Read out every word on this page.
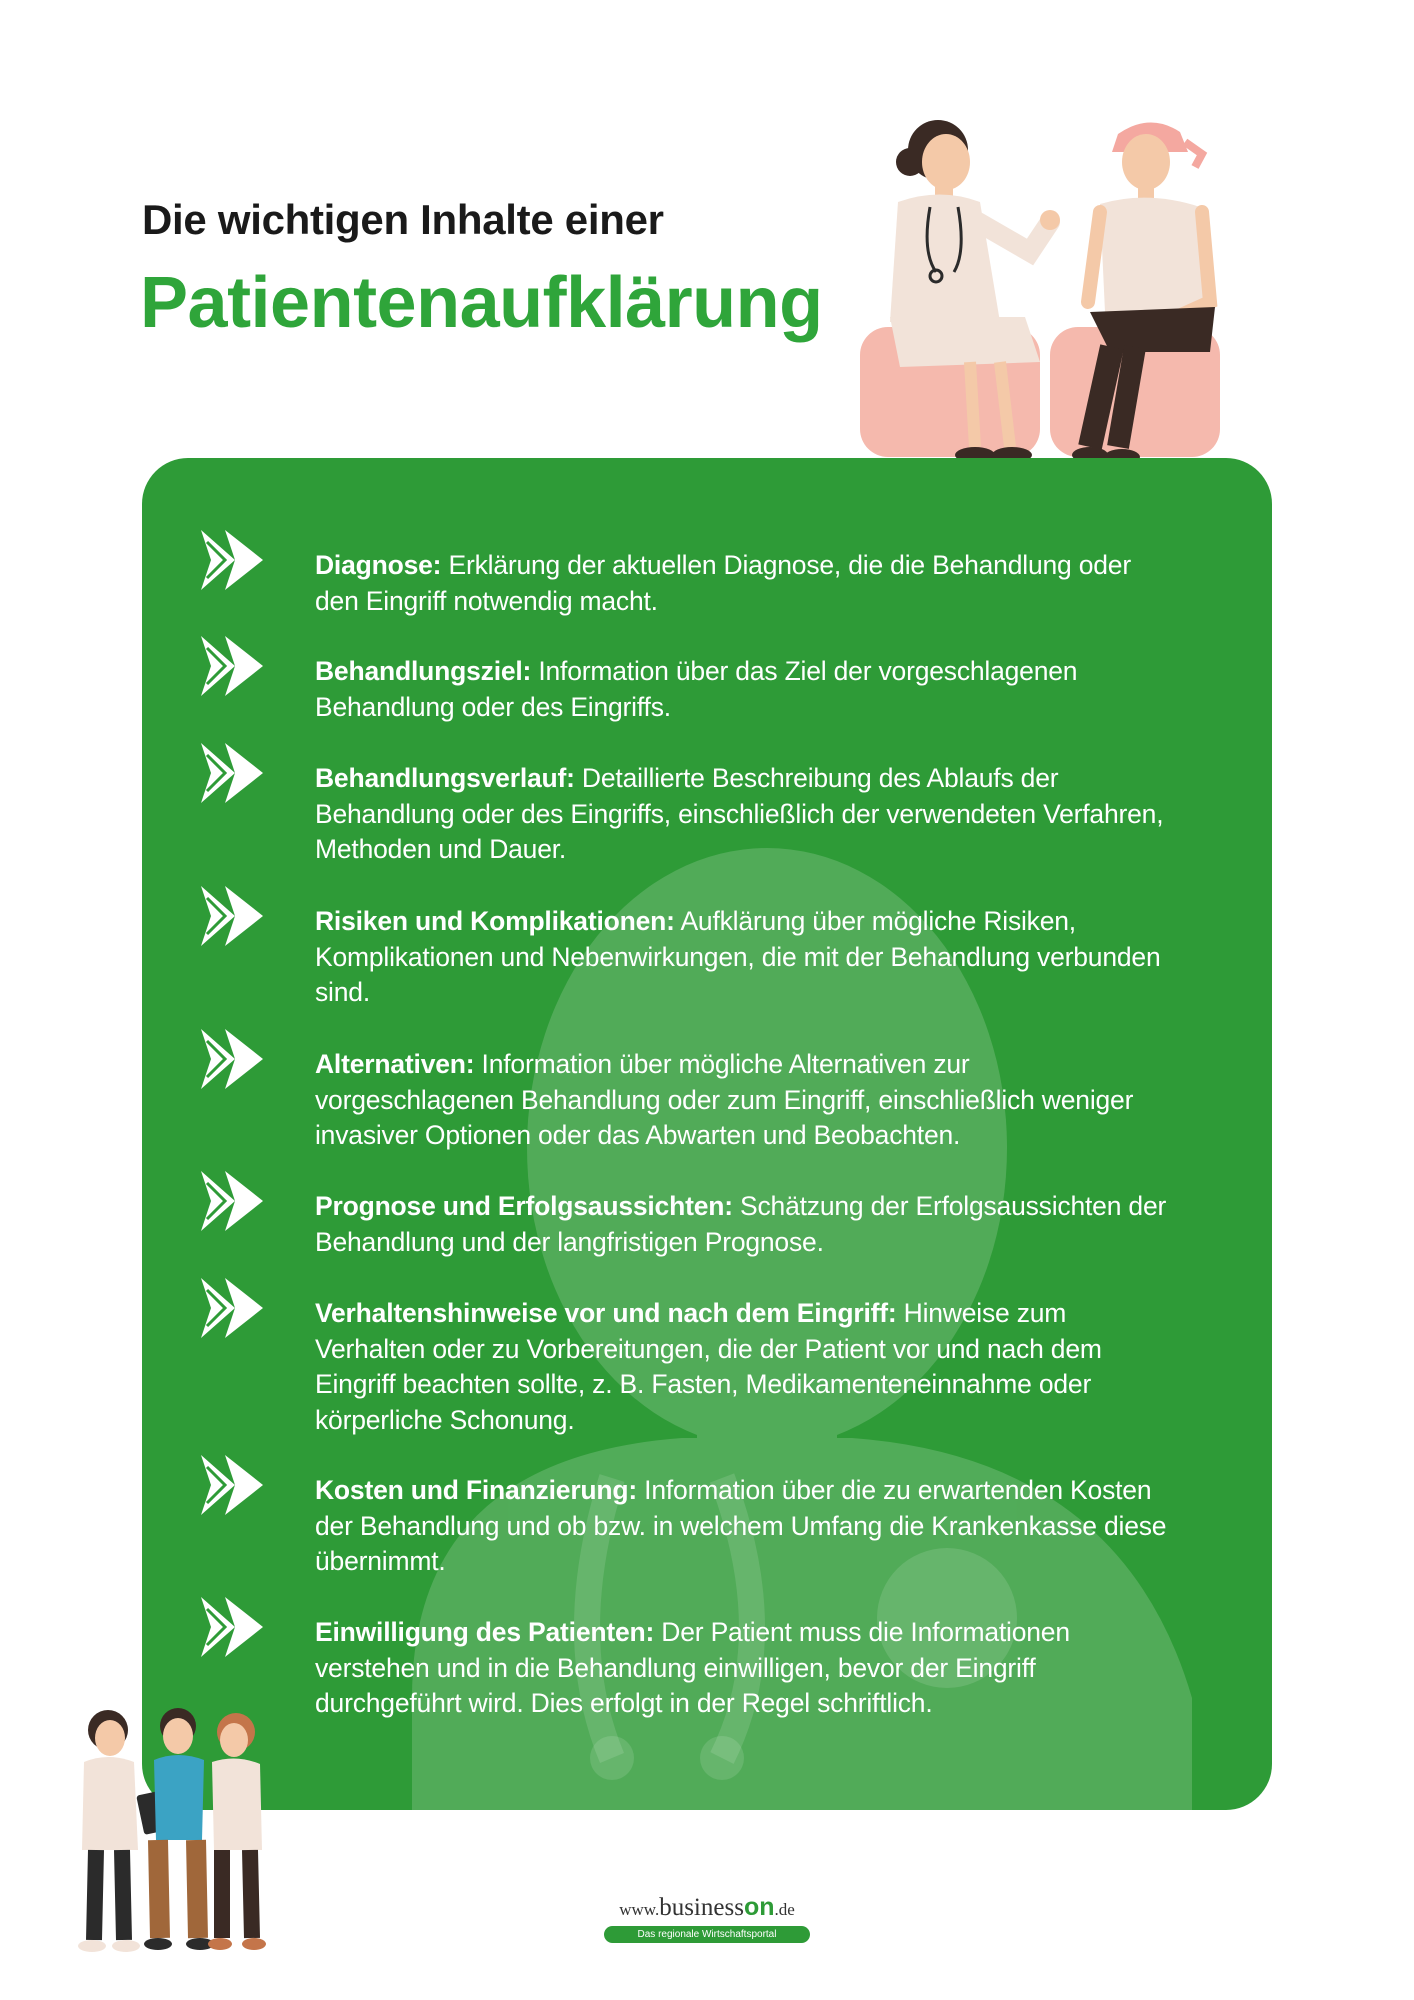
Die wichtigen Inhalte einer
Patientenaufklärung
Diagnose: Erklärung der aktuellen Diagnose, die die Behandlung oder den Eingriff notwendig macht.
Behandlungsziel: Information über das Ziel der vorgeschlagenen Behandlung oder des Eingriffs.
Behandlungsverlauf: Detaillierte Beschreibung des Ablaufs der Behandlung oder des Eingriffs, einschließlich der verwendeten Verfahren, Methoden und Dauer.
Risiken und Komplikationen: Aufklärung über mögliche Risiken, Komplikationen und Nebenwirkungen, die mit der Behandlung verbunden sind.
Alternativen: Information über mögliche Alternativen zur vorgeschlagenen Behandlung oder zum Eingriff, einschließlich weniger invasiver Optionen oder das Abwarten und Beobachten.
Prognose und Erfolgsaussichten: Schätzung der Erfolgsaussichten der Behandlung und der langfristigen Prognose.
Verhaltenshinweise vor und nach dem Eingriff: Hinweise zum Verhalten oder zu Vorbereitungen, die der Patient vor und nach dem Eingriff beachten sollte, z. B. Fasten, Medikamenteneinnahme oder körperliche Schonung.
Kosten und Finanzierung: Information über die zu erwartenden Kosten der Behandlung und ob bzw. in welchem Umfang die Krankenkasse diese übernimmt.
Einwilligung des Patienten: Der Patient muss die Informationen verstehen und in die Behandlung einwilligen, bevor der Eingriff durchgeführt wird. Dies erfolgt in der Regel schriftlich.
www.businesson.de
Das regionale Wirtschaftsportal
